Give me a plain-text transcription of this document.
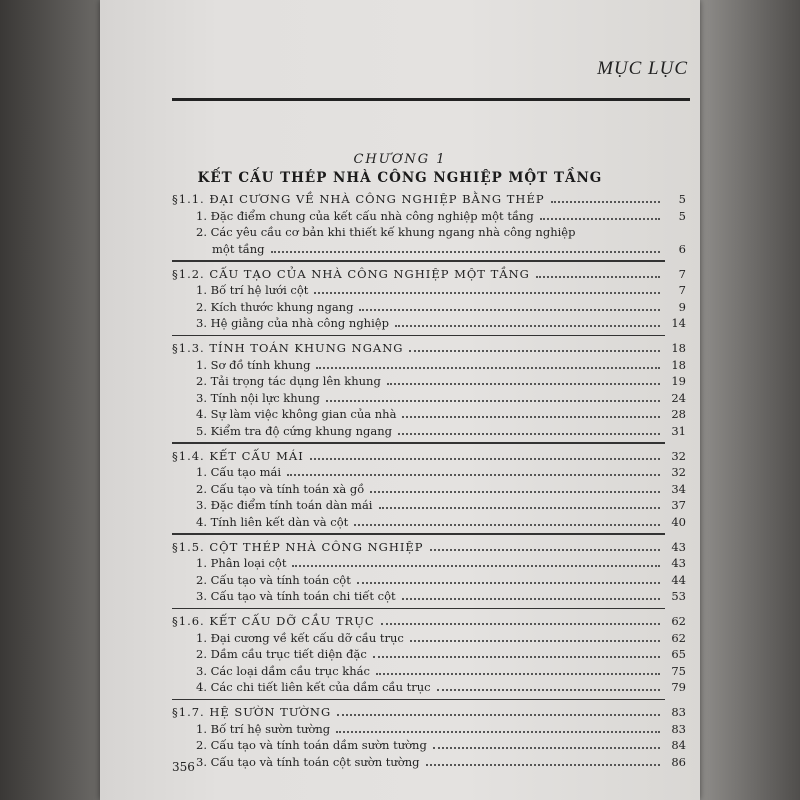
MỤC LỤC
CHƯƠNG 1
KẾT CẤU THÉP NHÀ CÔNG NGHIỆP MỘT TẦNG
§1.1. ĐẠI CƯƠNG VỀ NHÀ CÔNG NGHIỆP BẰNG THÉP	5
1. Đặc điểm chung của kết cấu nhà công nghiệp một tầng	5
2. Các yêu cầu cơ bản khi thiết kế khung ngang nhà công nghiệp
một tầng	6
§1.2. CẤU TẠO CỦA NHÀ CÔNG NGHIỆP MỘT TẦNG	7
1. Bố trí hệ lưới cột	7
2. Kích thước khung ngang	9
3. Hệ giằng của nhà công nghiệp	14
§1.3. TÍNH TOÁN KHUNG NGANG	18
1. Sơ đồ tính khung	18
2. Tải trọng tác dụng lên khung	19
3. Tính nội lực khung	24
4. Sự làm việc không gian của nhà	28
5. Kiểm tra độ cứng khung ngang	31
§1.4. KẾT CẤU MÁI	32
1. Cấu tạo mái	32
2. Cấu tạo và tính toán xà gồ	34
3. Đặc điểm tính toán dàn mái	37
4. Tính liên kết dàn và cột	40
§1.5. CỘT THÉP NHÀ CÔNG NGHIỆP	43
1. Phân loại cột	43
2. Cấu tạo và tính toán cột	44
3. Cấu tạo và tính toán chi tiết cột	53
§1.6. KẾT CẤU DỠ CẦU TRỤC	62
1. Đại cương về kết cấu dỡ cầu trục	62
2. Dầm cầu trục tiết diện đặc	65
3. Các loại dầm cầu trục khác	75
4. Các chi tiết liên kết của dầm cầu trục	79
§1.7. HỆ SƯỜN TƯỜNG	83
1. Bố trí hệ sườn tường	83
2. Cấu tạo và tính toán dầm sườn tường	84
3. Cấu tạo và tính toán cột sườn tường	86
356
